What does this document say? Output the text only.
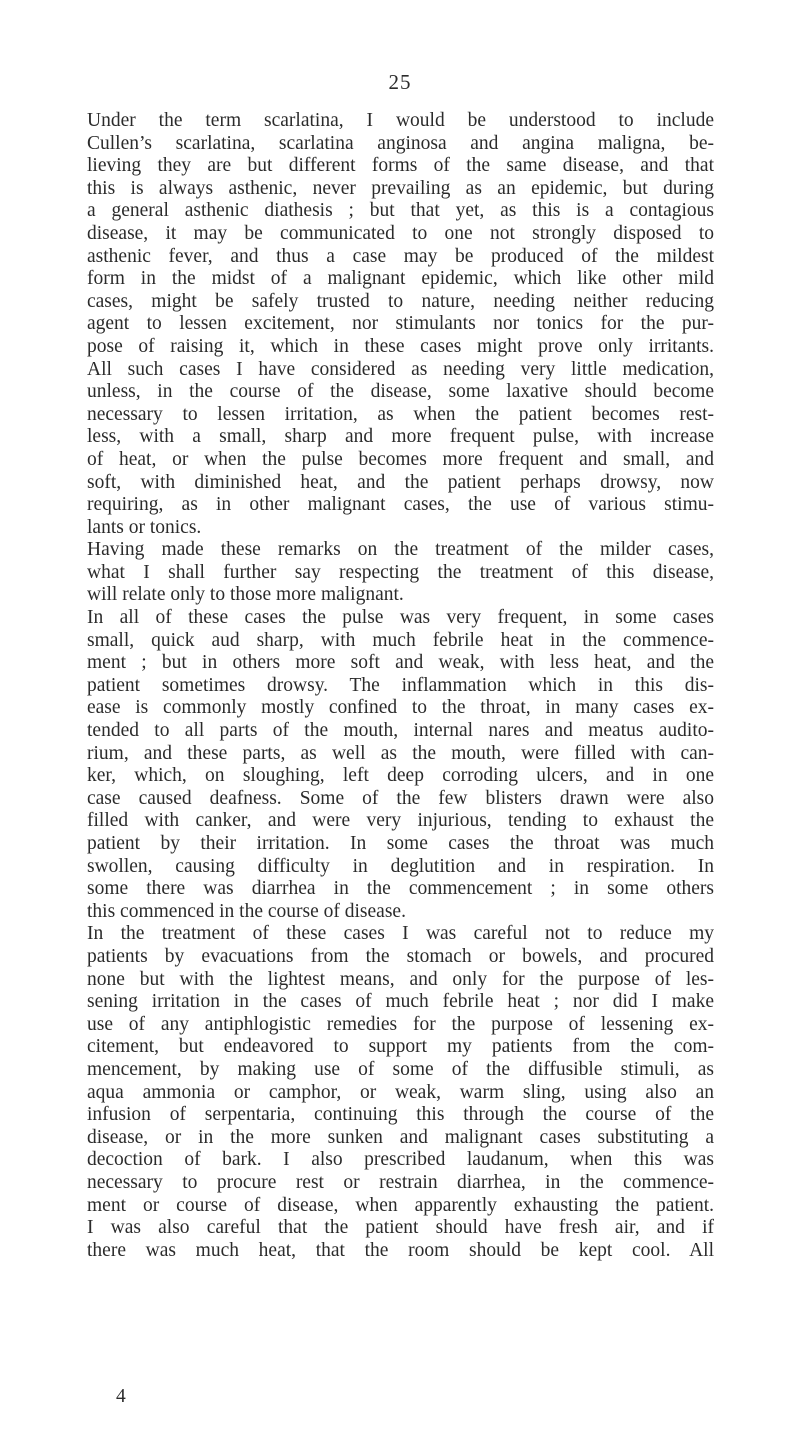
25
Under the term scarlatina, I would be understood to include
Cullen’s scarlatina, scarlatina anginosa and angina maligna, be-
lieving they are but different forms of the same disease, and that
this is always asthenic, never prevailing as an epidemic, but during
a general asthenic diathesis ; but that yet, as this is a contagious
disease, it may be communicated to one not strongly disposed to
asthenic fever, and thus a case may be produced of the mildest
form in the midst of a malignant epidemic, which like other mild
cases, might be safely trusted to nature, needing neither reducing
agent to lessen excitement, nor stimulants nor tonics for the pur-
pose of raising it, which in these cases might prove only irritants.
All such cases I have considered as needing very little medication,
unless, in the course of the disease, some laxative should become
necessary to lessen irritation, as when the patient becomes rest-
less, with a small, sharp and more frequent pulse, with increase
of heat, or when the pulse becomes more frequent and small, and
soft, with diminished heat, and the patient perhaps drowsy, now
requiring, as in other malignant cases, the use of various stimu-
lants or tonics.
Having made these remarks on the treatment of the milder cases,
what I shall further say respecting the treatment of this disease,
will relate only to those more malignant.
In all of these cases the pulse was very frequent, in some cases
small, quick aud sharp, with much febrile heat in the commence-
ment ; but in others more soft and weak, with less heat, and the
patient sometimes drowsy. The inflammation which in this dis-
ease is commonly mostly confined to the throat, in many cases ex-
tended to all parts of the mouth, internal nares and meatus audito-
rium, and these parts, as well as the mouth, were filled with can-
ker, which, on sloughing, left deep corroding ulcers, and in one
case caused deafness. Some of the few blisters drawn were also
filled with canker, and were very injurious, tending to exhaust the
patient by their irritation. In some cases the throat was much
swollen, causing difficulty in deglutition and in respiration. In
some there was diarrhea in the commencement ; in some others
this commenced in the course of disease.
In the treatment of these cases I was careful not to reduce my
patients by evacuations from the stomach or bowels, and procured
none but with the lightest means, and only for the purpose of les-
sening irritation in the cases of much febrile heat ; nor did I make
use of any antiphlogistic remedies for the purpose of lessening ex-
citement, but endeavored to support my patients from the com-
mencement, by making use of some of the diffusible stimuli, as
aqua ammonia or camphor, or weak, warm sling, using also an
infusion of serpentaria, continuing this through the course of the
disease, or in the more sunken and malignant cases substituting a
decoction of bark. I also prescribed laudanum, when this was
necessary to procure rest or restrain diarrhea, in the commence-
ment or course of disease, when apparently exhausting the patient.
I was also careful that the patient should have fresh air, and if
there was much heat, that the room should be kept cool. All
4
